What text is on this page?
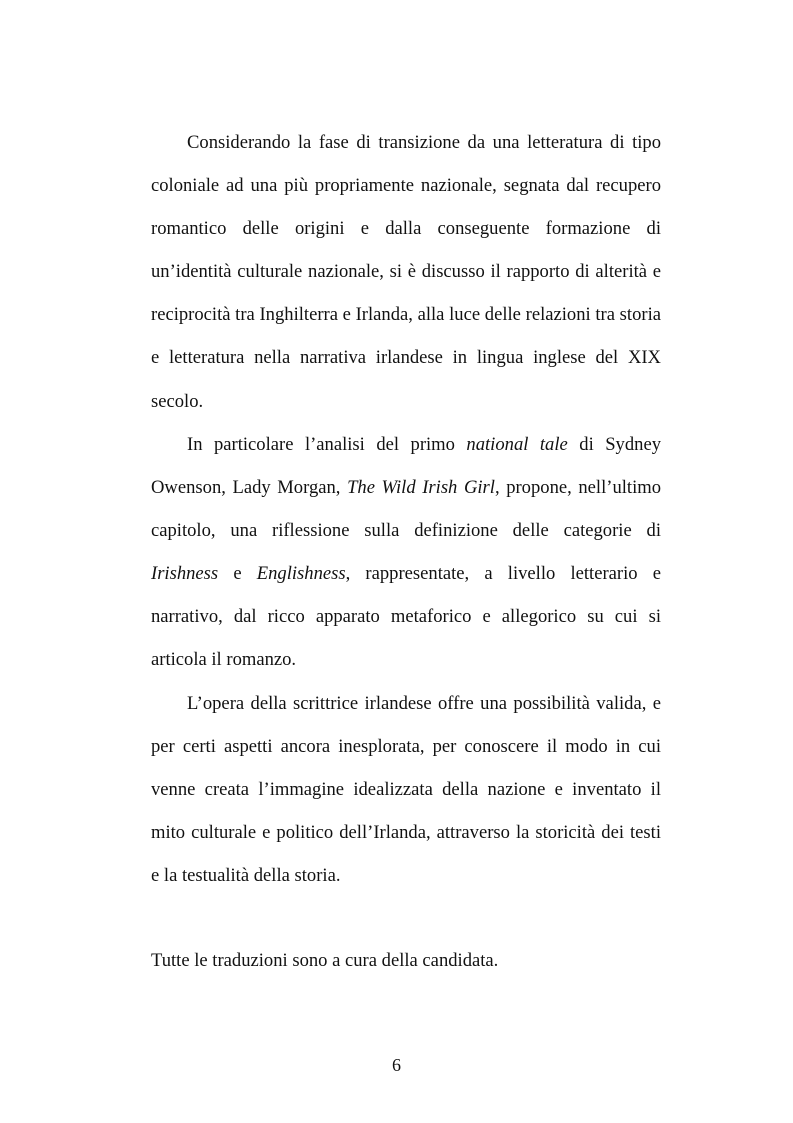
Considerando la fase di transizione da una letteratura di tipo coloniale ad una più propriamente nazionale, segnata dal recupero romantico delle origini e dalla conseguente formazione di un’identità culturale nazionale, si è discusso il rapporto di alterità e reciprocità tra Inghilterra e Irlanda, alla luce delle relazioni tra storia e letteratura nella narrativa irlandese in lingua inglese del XIX secolo.

In particolare l’analisi del primo national tale di Sydney Owenson, Lady Morgan, The Wild Irish Girl, propone, nell’ultimo capitolo, una riflessione sulla definizione delle categorie di Irishness e Englishness, rappresentate, a livello letterario e narrativo, dal ricco apparato metaforico e allegorico su cui si articola il romanzo.

L’opera della scrittrice irlandese offre una possibilità valida, e per certi aspetti ancora inesplorata, per conoscere il modo in cui venne creata l’immagine idealizzata della nazione e inventato il mito culturale e politico dell’Irlanda, attraverso la storicità dei testi e la testualità della storia.

Tutte le traduzioni sono a cura della candidata.

6
